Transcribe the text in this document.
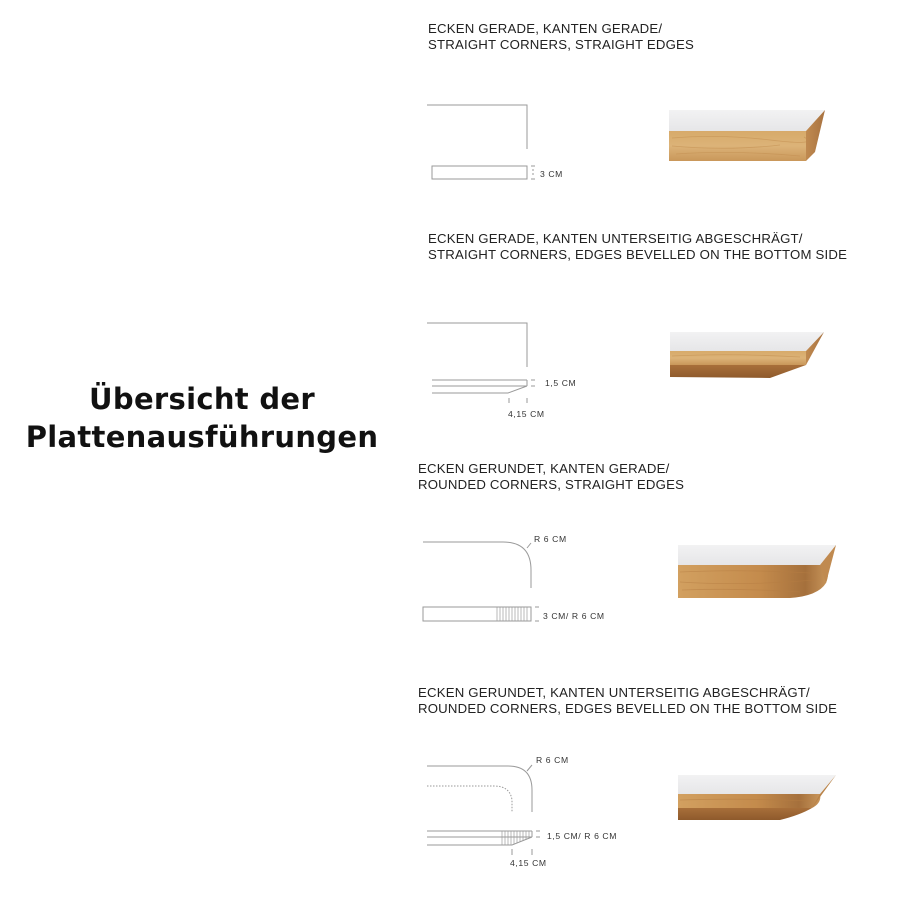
Übersicht der
Plattenausführungen
ECKEN GERADE, KANTEN GERADE/
STRAIGHT CORNERS, STRAIGHT EDGES
ECKEN GERADE, KANTEN UNTERSEITIG ABGESCHRÄGT/
STRAIGHT CORNERS, EDGES BEVELLED ON THE BOTTOM SIDE
ECKEN GERUNDET, KANTEN GERADE/
ROUNDED CORNERS, STRAIGHT EDGES
ECKEN GERUNDET, KANTEN UNTERSEITIG ABGESCHRÄGT/
ROUNDED CORNERS, EDGES BEVELLED ON THE BOTTOM SIDE
3 CM
1,5 CM
4,15 CM
R 6 CM
3 CM/ R 6 CM
R 6 CM
1,5 CM/ R 6 CM
4,15 CM
